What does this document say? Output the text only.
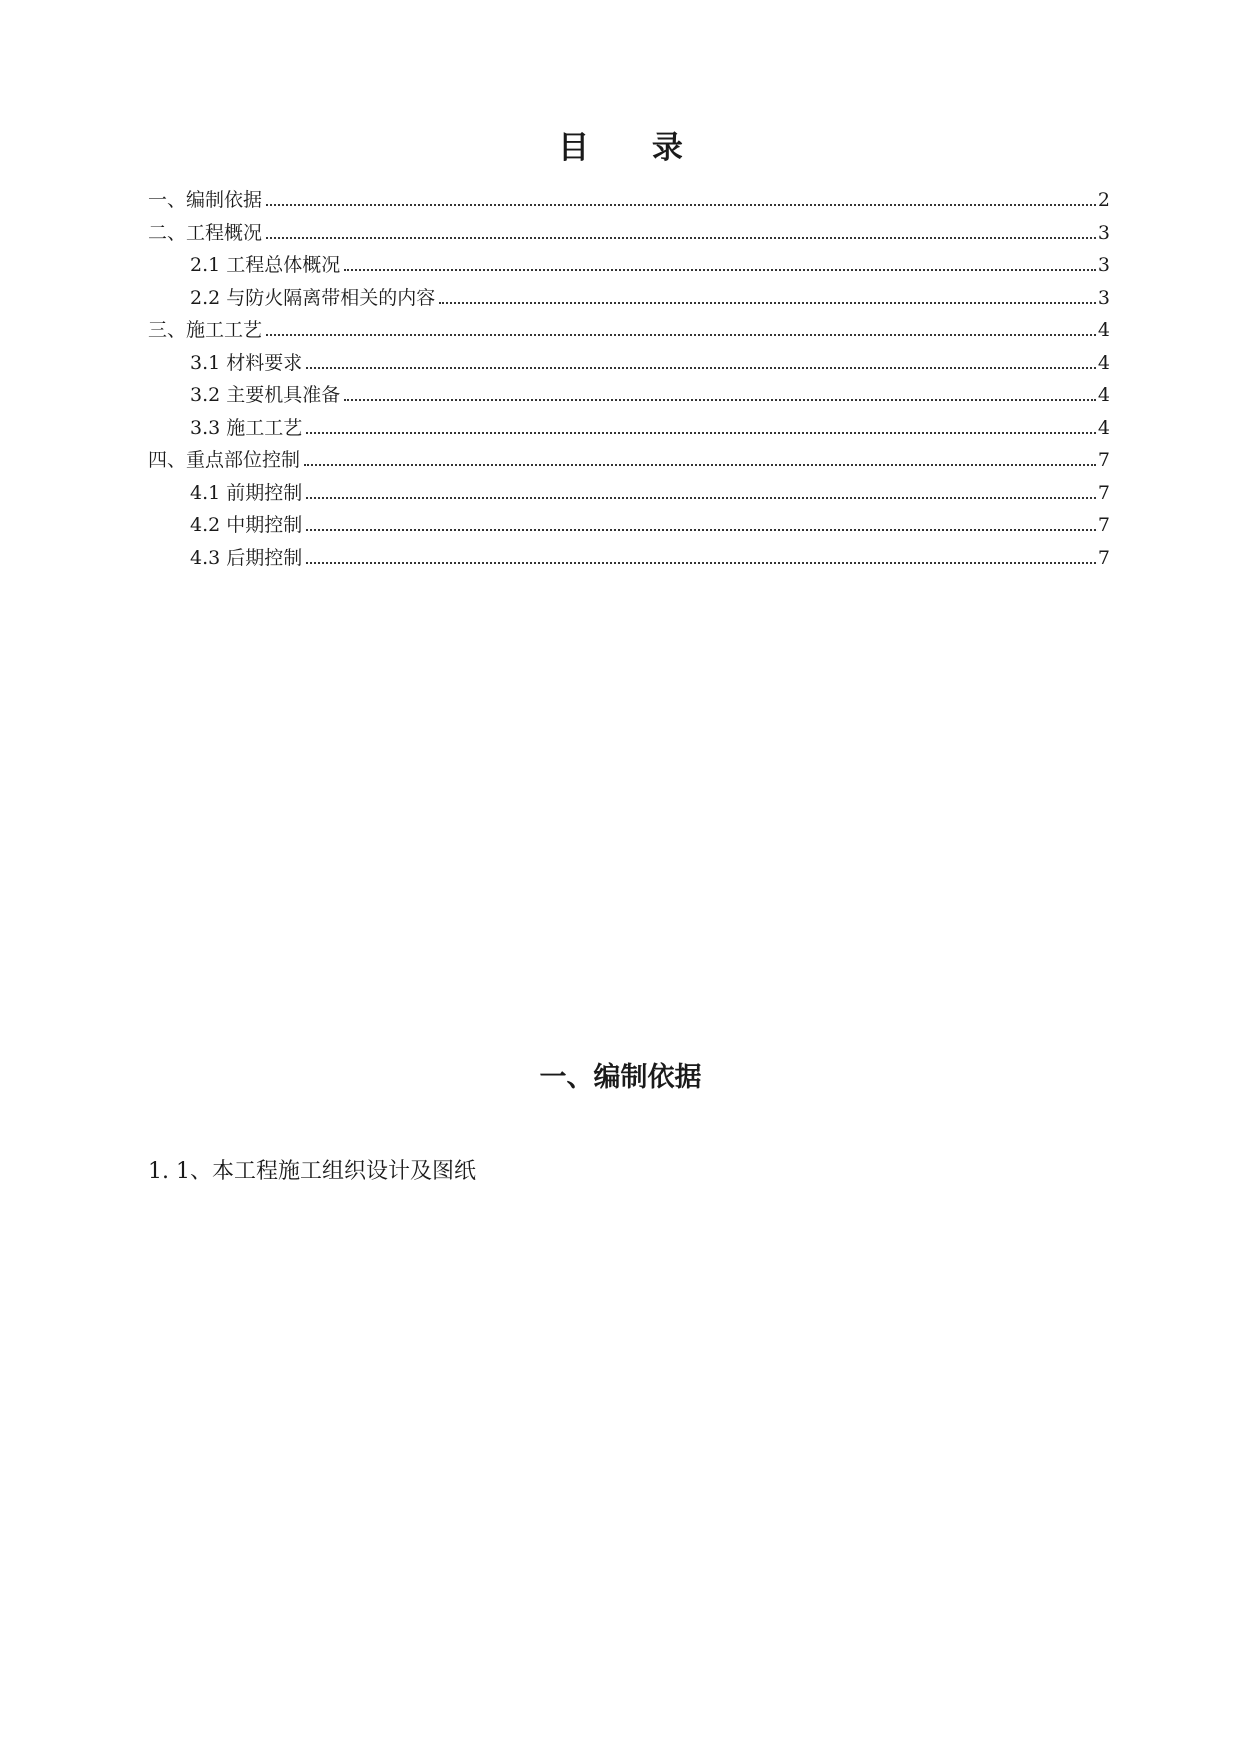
目 录
一、编制依据	2
二、工程概况	3
2.1 工程总体概况	3
2.2 与防火隔离带相关的内容	3
三、施工工艺	4
3.1 材料要求	4
3.2 主要机具准备	4
3.3 施工工艺	4
四、重点部位控制	7
4.1 前期控制	7
4.2 中期控制	7
4.3 后期控制	7
一、编制依据
1. 1、本工程施工组织设计及图纸
